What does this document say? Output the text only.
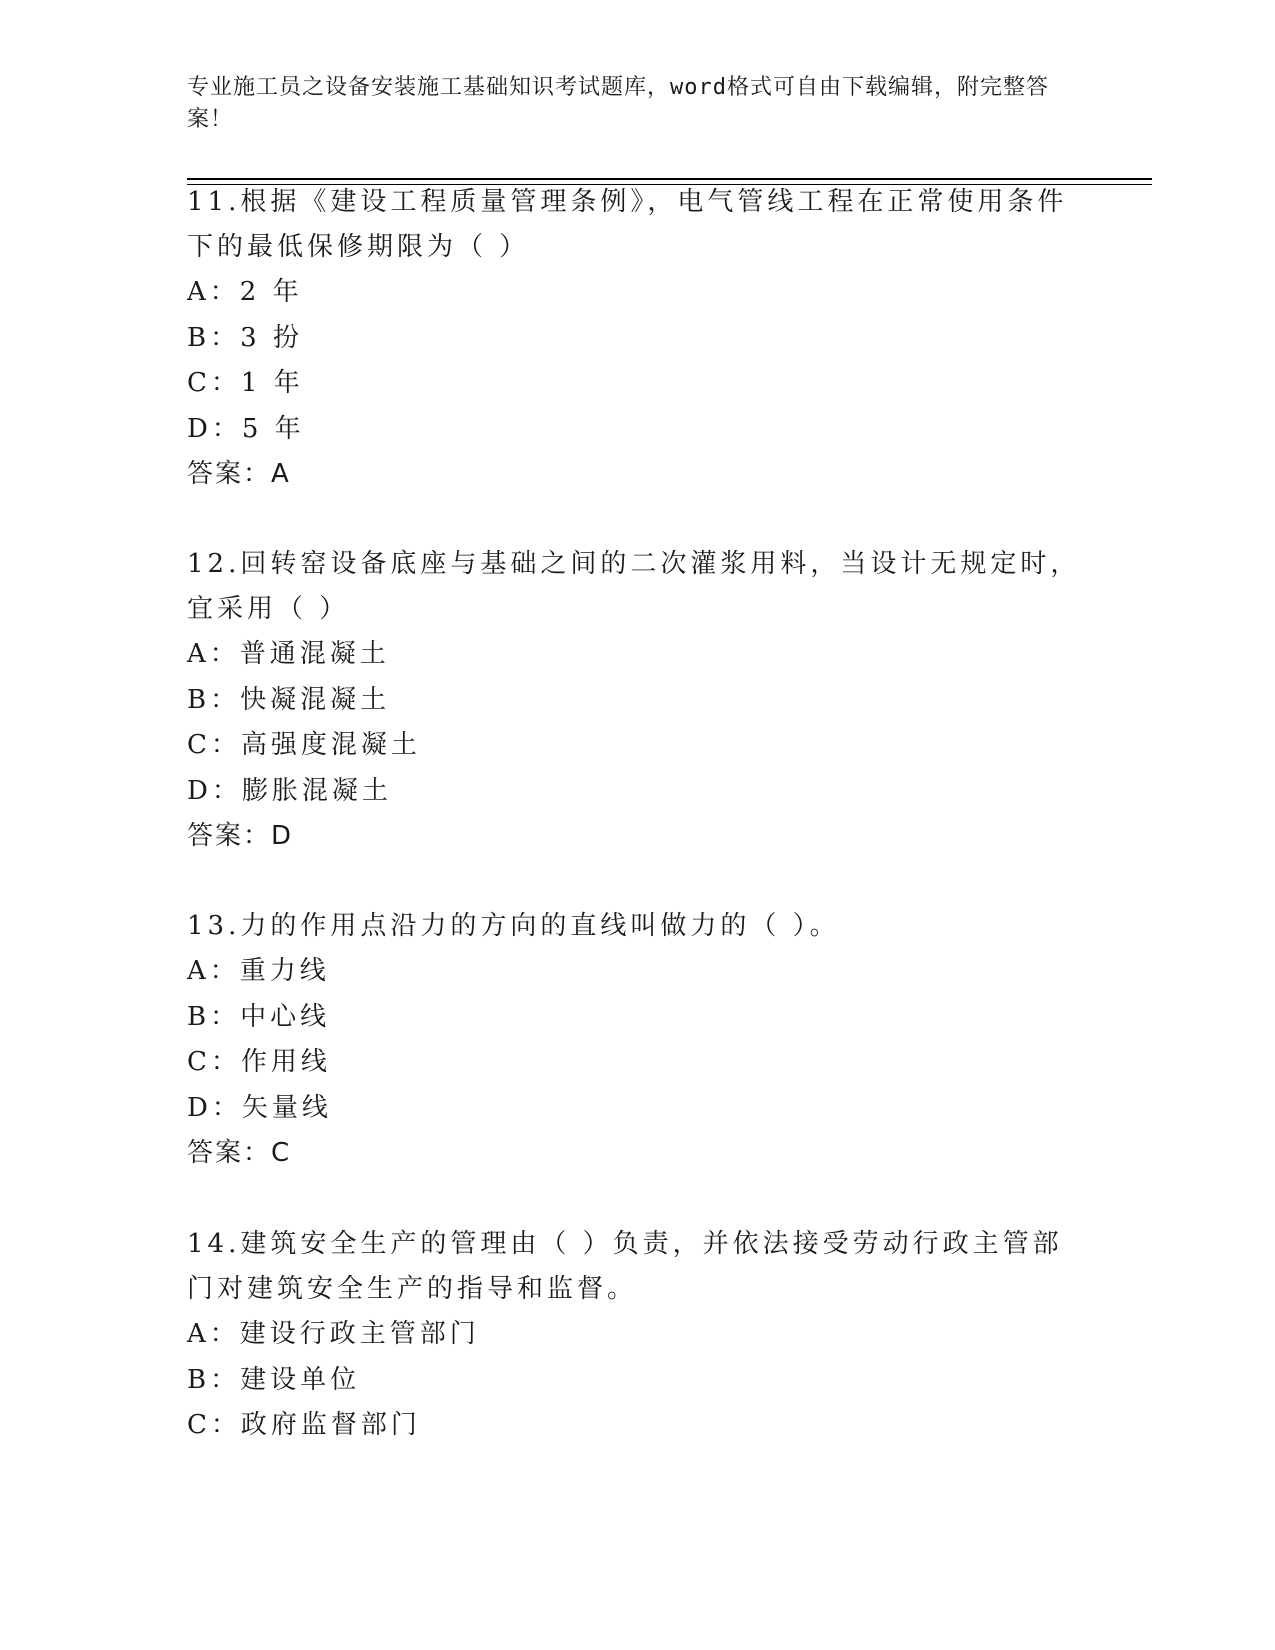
专业施工员之设备安装施工基础知识考试题库，word格式可自由下载编辑，附完整答案！

11.根据《建设工程质量管理条例》，电气管线工程在正常使用条件下的最低保修期限为（ ）

A：2 年

B：3 扮

C：1 年

D：5 年

答案：A

12.回转窑设备底座与基础之间的二次灌浆用料，当设计无规定时，宜采用（ ）

A：普通混凝土

B：快凝混凝土

C：高强度混凝土

D：膨胀混凝土

答案：D

13.力的作用点沿力的方向的直线叫做力的（ ）。

A：重力线

B：中心线

C：作用线

D：矢量线

答案：C

14.建筑安全生产的管理由（ ）负责，并依法接受劳动行政主管部门对建筑安全生产的指导和监督。

A：建设行政主管部门

B：建设单位

C：政府监督部门
